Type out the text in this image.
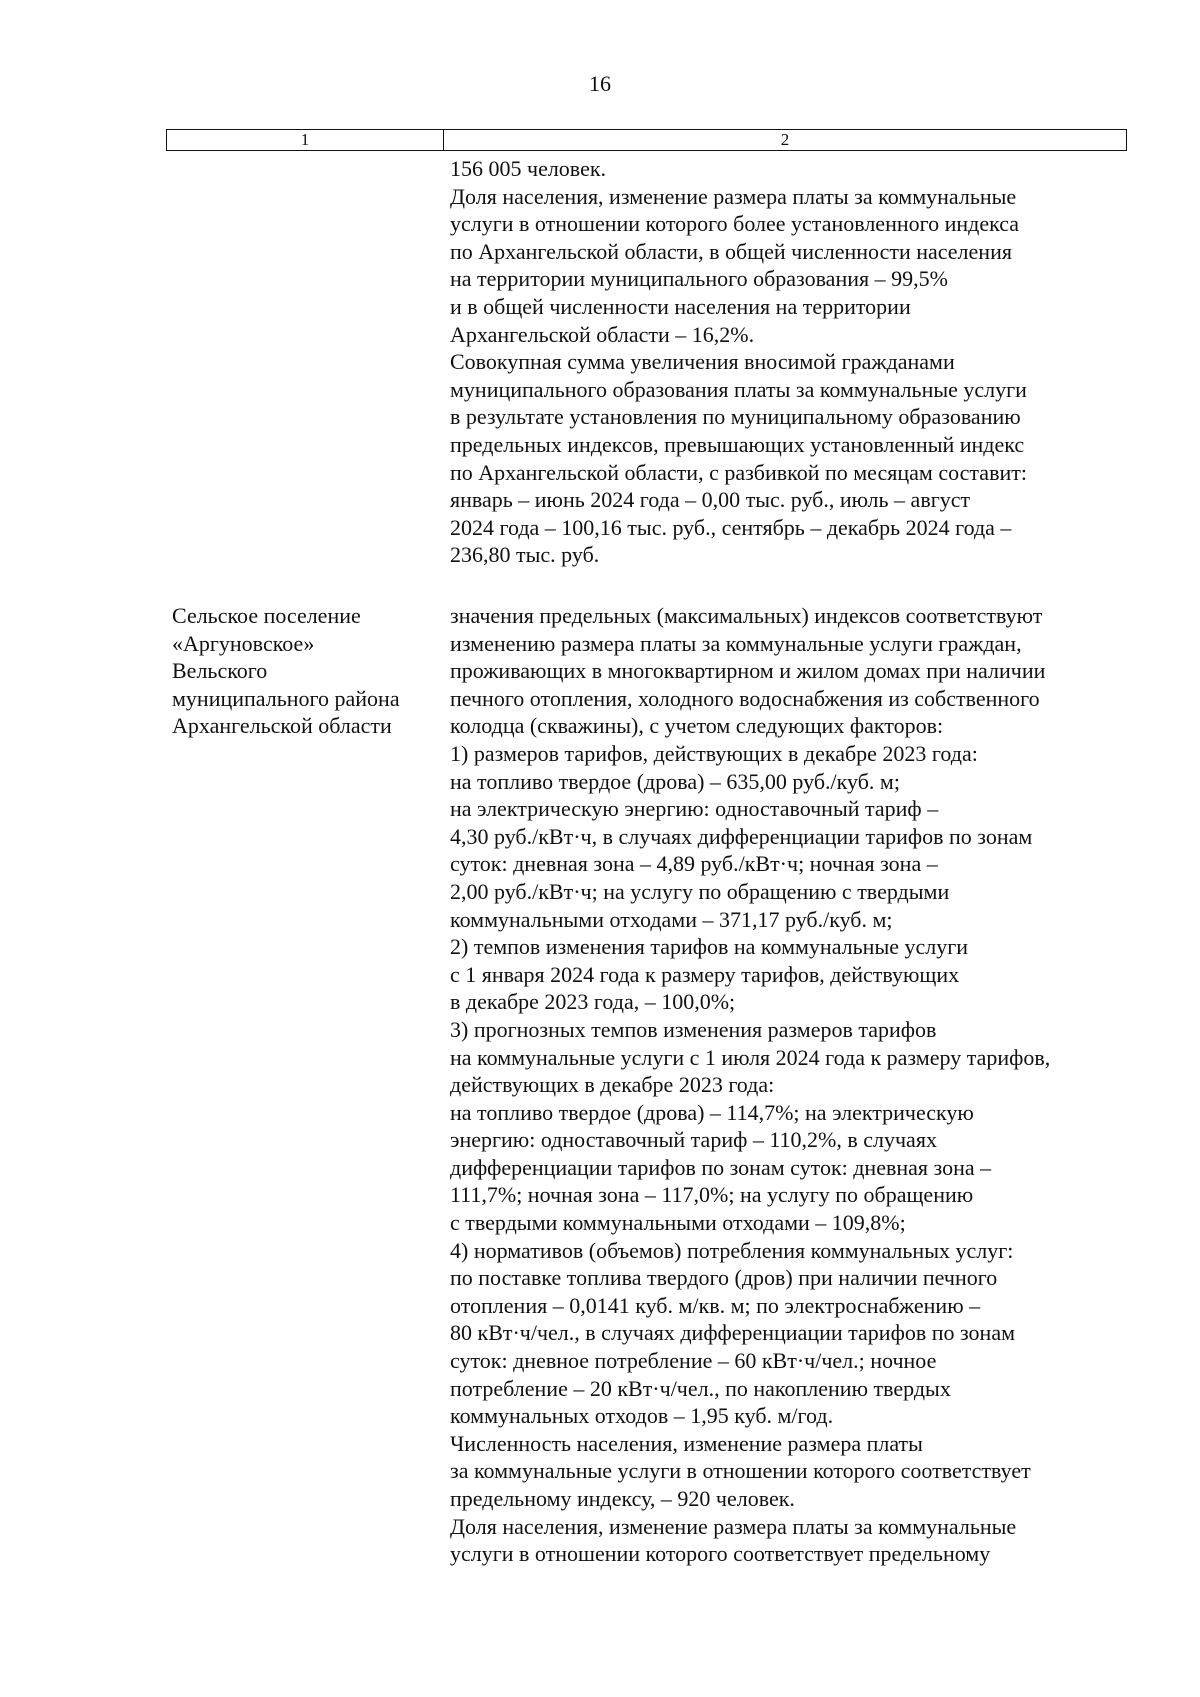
16
1	2
156 005 человек.
Доля населения, изменение размера платы за коммунальные
услуги в отношении которого более установленного индекса
по Архангельской области, в общей численности населения
на территории муниципального образования – 99,5%
и в общей численности населения на территории
Архангельской области – 16,2%.
Совокупная сумма увеличения вносимой гражданами
муниципального образования платы за коммунальные услуги
в результате установления по муниципальному образованию
предельных индексов, превышающих установленный индекс
по Архангельской области, с разбивкой по месяцам составит:
январь – июнь 2024 года – 0,00 тыс. руб., июль – август
2024 года – 100,16 тыс. руб., сентябрь – декабрь 2024 года –
236,80 тыс. руб.
Сельское поселение
«Аргуновское»
Вельского
муниципального района
Архангельской области
значения предельных (максимальных) индексов соответствуют
изменению размера платы за коммунальные услуги граждан,
проживающих в многоквартирном и жилом домах при наличии
печного отопления, холодного водоснабжения из собственного
колодца (скважины), с учетом следующих факторов:
1) размеров тарифов, действующих в декабре 2023 года:
на топливо твердое (дрова) – 635,00 руб./куб. м;
на электрическую энергию: одноставочный тариф –
4,30 руб./кВт·ч, в случаях дифференциации тарифов по зонам
суток: дневная зона – 4,89 руб./кВт·ч; ночная зона –
2,00 руб./кВт·ч; на услугу по обращению с твердыми
коммунальными отходами – 371,17 руб./куб. м;
2) темпов изменения тарифов на коммунальные услуги
с 1 января 2024 года к размеру тарифов, действующих
в декабре 2023 года, – 100,0%;
3) прогнозных темпов изменения размеров тарифов
на коммунальные услуги с 1 июля 2024 года к размеру тарифов,
действующих в декабре 2023 года:
на топливо твердое (дрова) – 114,7%; на электрическую
энергию: одноставочный тариф – 110,2%, в случаях
дифференциации тарифов по зонам суток: дневная зона –
111,7%; ночная зона – 117,0%; на услугу по обращению
с твердыми коммунальными отходами – 109,8%;
4) нормативов (объемов) потребления коммунальных услуг:
по поставке топлива твердого (дров) при наличии печного
отопления – 0,0141 куб. м/кв. м; по электроснабжению –
80 кВт·ч/чел., в случаях дифференциации тарифов по зонам
суток: дневное потребление – 60 кВт·ч/чел.; ночное
потребление – 20 кВт·ч/чел., по накоплению твердых
коммунальных отходов – 1,95 куб. м/год.
Численность населения, изменение размера платы
за коммунальные услуги в отношении которого соответствует
предельному индексу, – 920 человек.
Доля населения, изменение размера платы за коммунальные
услуги в отношении которого соответствует предельному
